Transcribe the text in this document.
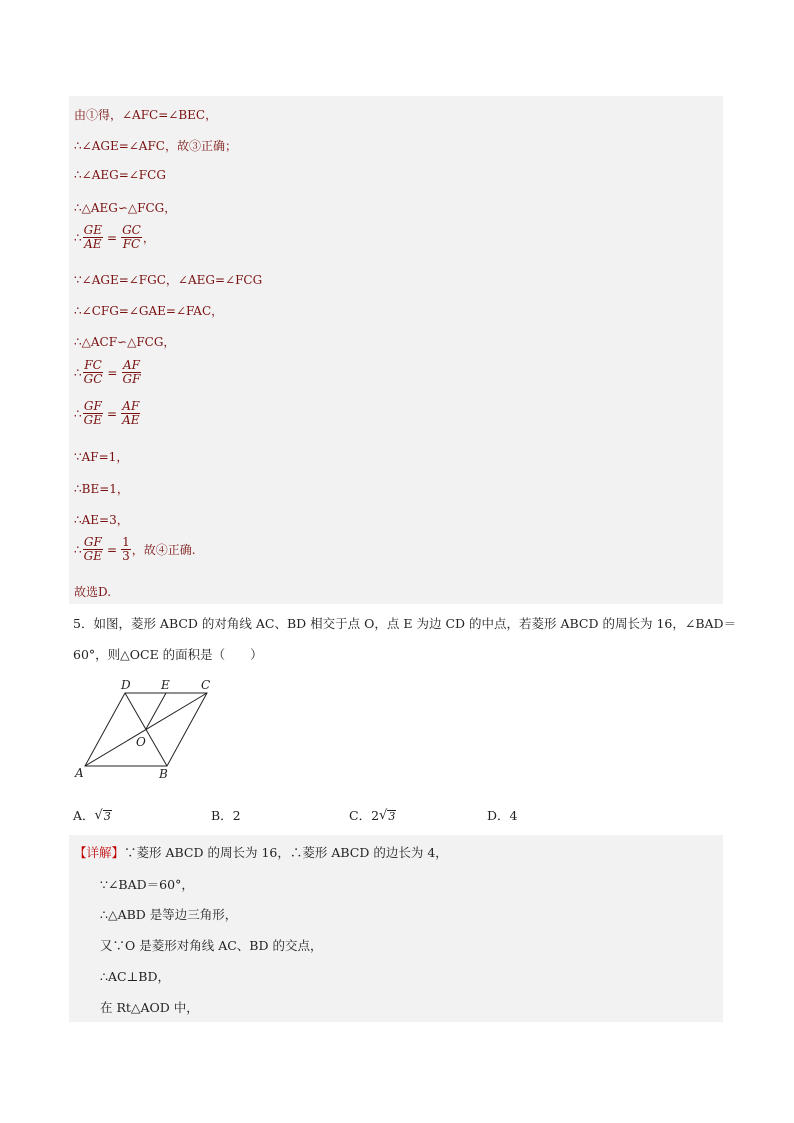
由①得，∠AFC=∠BEC，
∴∠AGE=∠AFC，故③正确；
∴∠AEG=∠FCG
∴△AEG∽△FCG，
∴ $\frac{GE}{AE} = \frac{GC}{FC}$ ，
∵∠AGE=∠FGC，∠AEG=∠FCG
∴∠CFG=∠GAE=∠FAC，
∴△ACF∽△FCG，
∴ $\frac{FC}{GC} = \frac{AF}{GF}$
∴ $\frac{GF}{GE} = \frac{AF}{AE}$
∵AF=1，
∴BE=1，
∴AE=3，
∴ $\frac{GF}{GE} = \frac{1}{3}$ ，故④正确.
故选D.
5．如图，菱形 ABCD 的对角线 AC、BD 相交于点 O，点 E 为边 CD 的中点，若菱形 ABCD 的周长为 16，∠BAD＝
60°，则△OCE 的面积是（　　）
D	E	C
O
A	B
A． √ 3	B．2	C．2 √ 3	D．4
【详解】∵菱形 ABCD 的周长为 16，∴菱形 ABCD 的边长为 4，
∵∠BAD＝60°，
∴△ABD 是等边三角形，
又∵O 是菱形对角线 AC、BD 的交点，
∴AC⊥BD，
在 Rt△AOD 中，
